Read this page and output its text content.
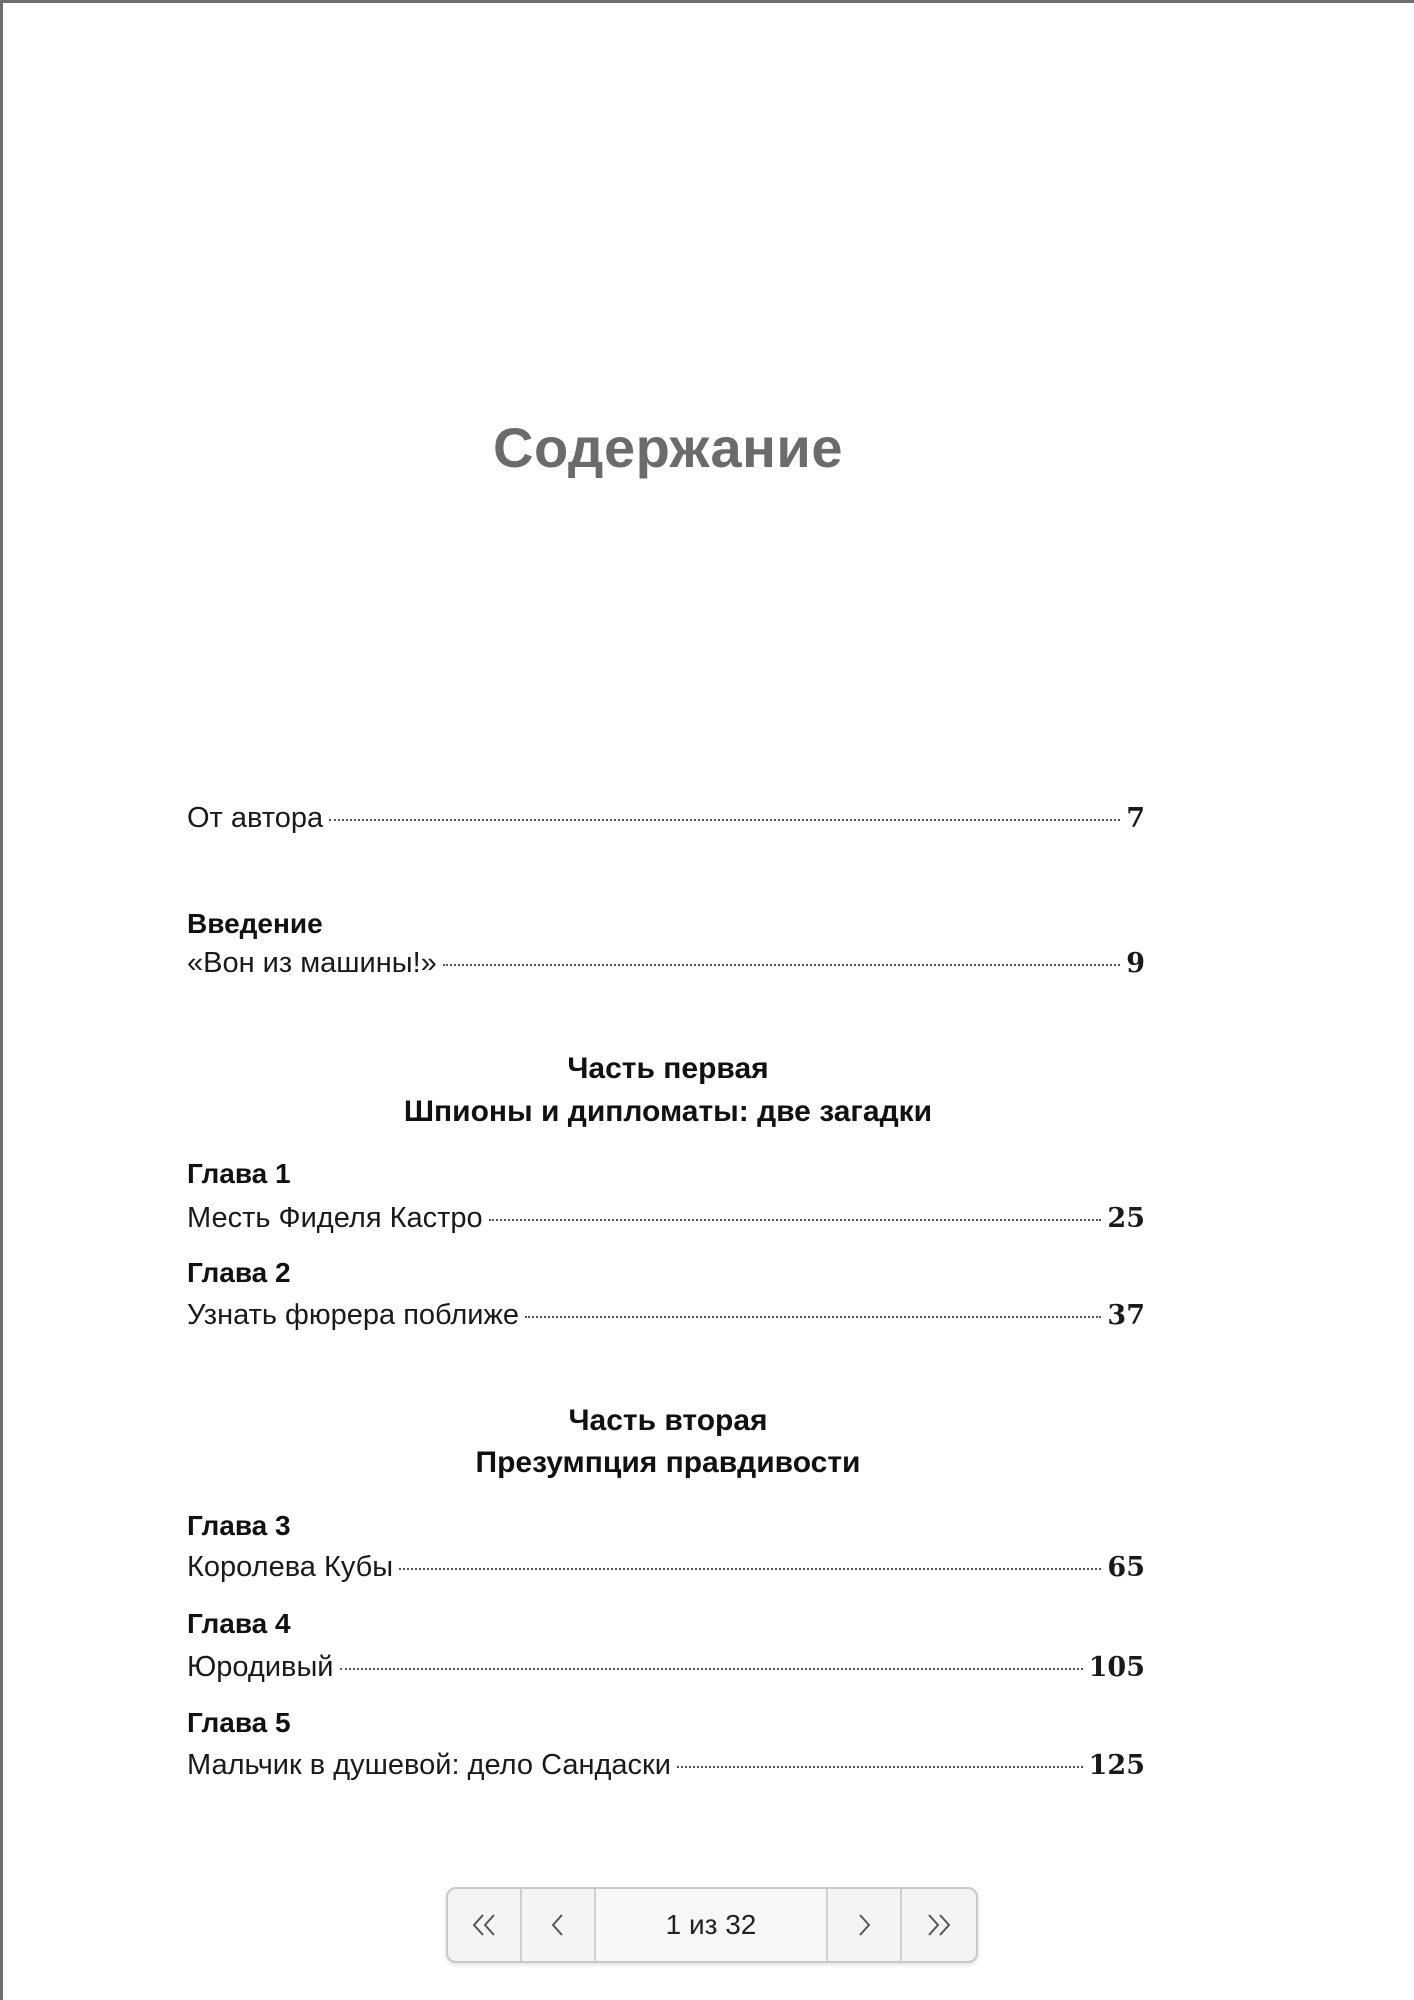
Содержание
От автора	7
Введение
«Вон из машины!»	9
Часть первая
Шпионы и дипломаты: две загадки
Глава 1
Месть Фиделя Кастро	25
Глава 2
Узнать фюрера поближе	37
Часть вторая
Презумпция правдивости
Глава 3
Королева Кубы	65
Глава 4
Юродивый	105
Глава 5
Мальчик в душевой: дело Сандаски	125
1 из 32
